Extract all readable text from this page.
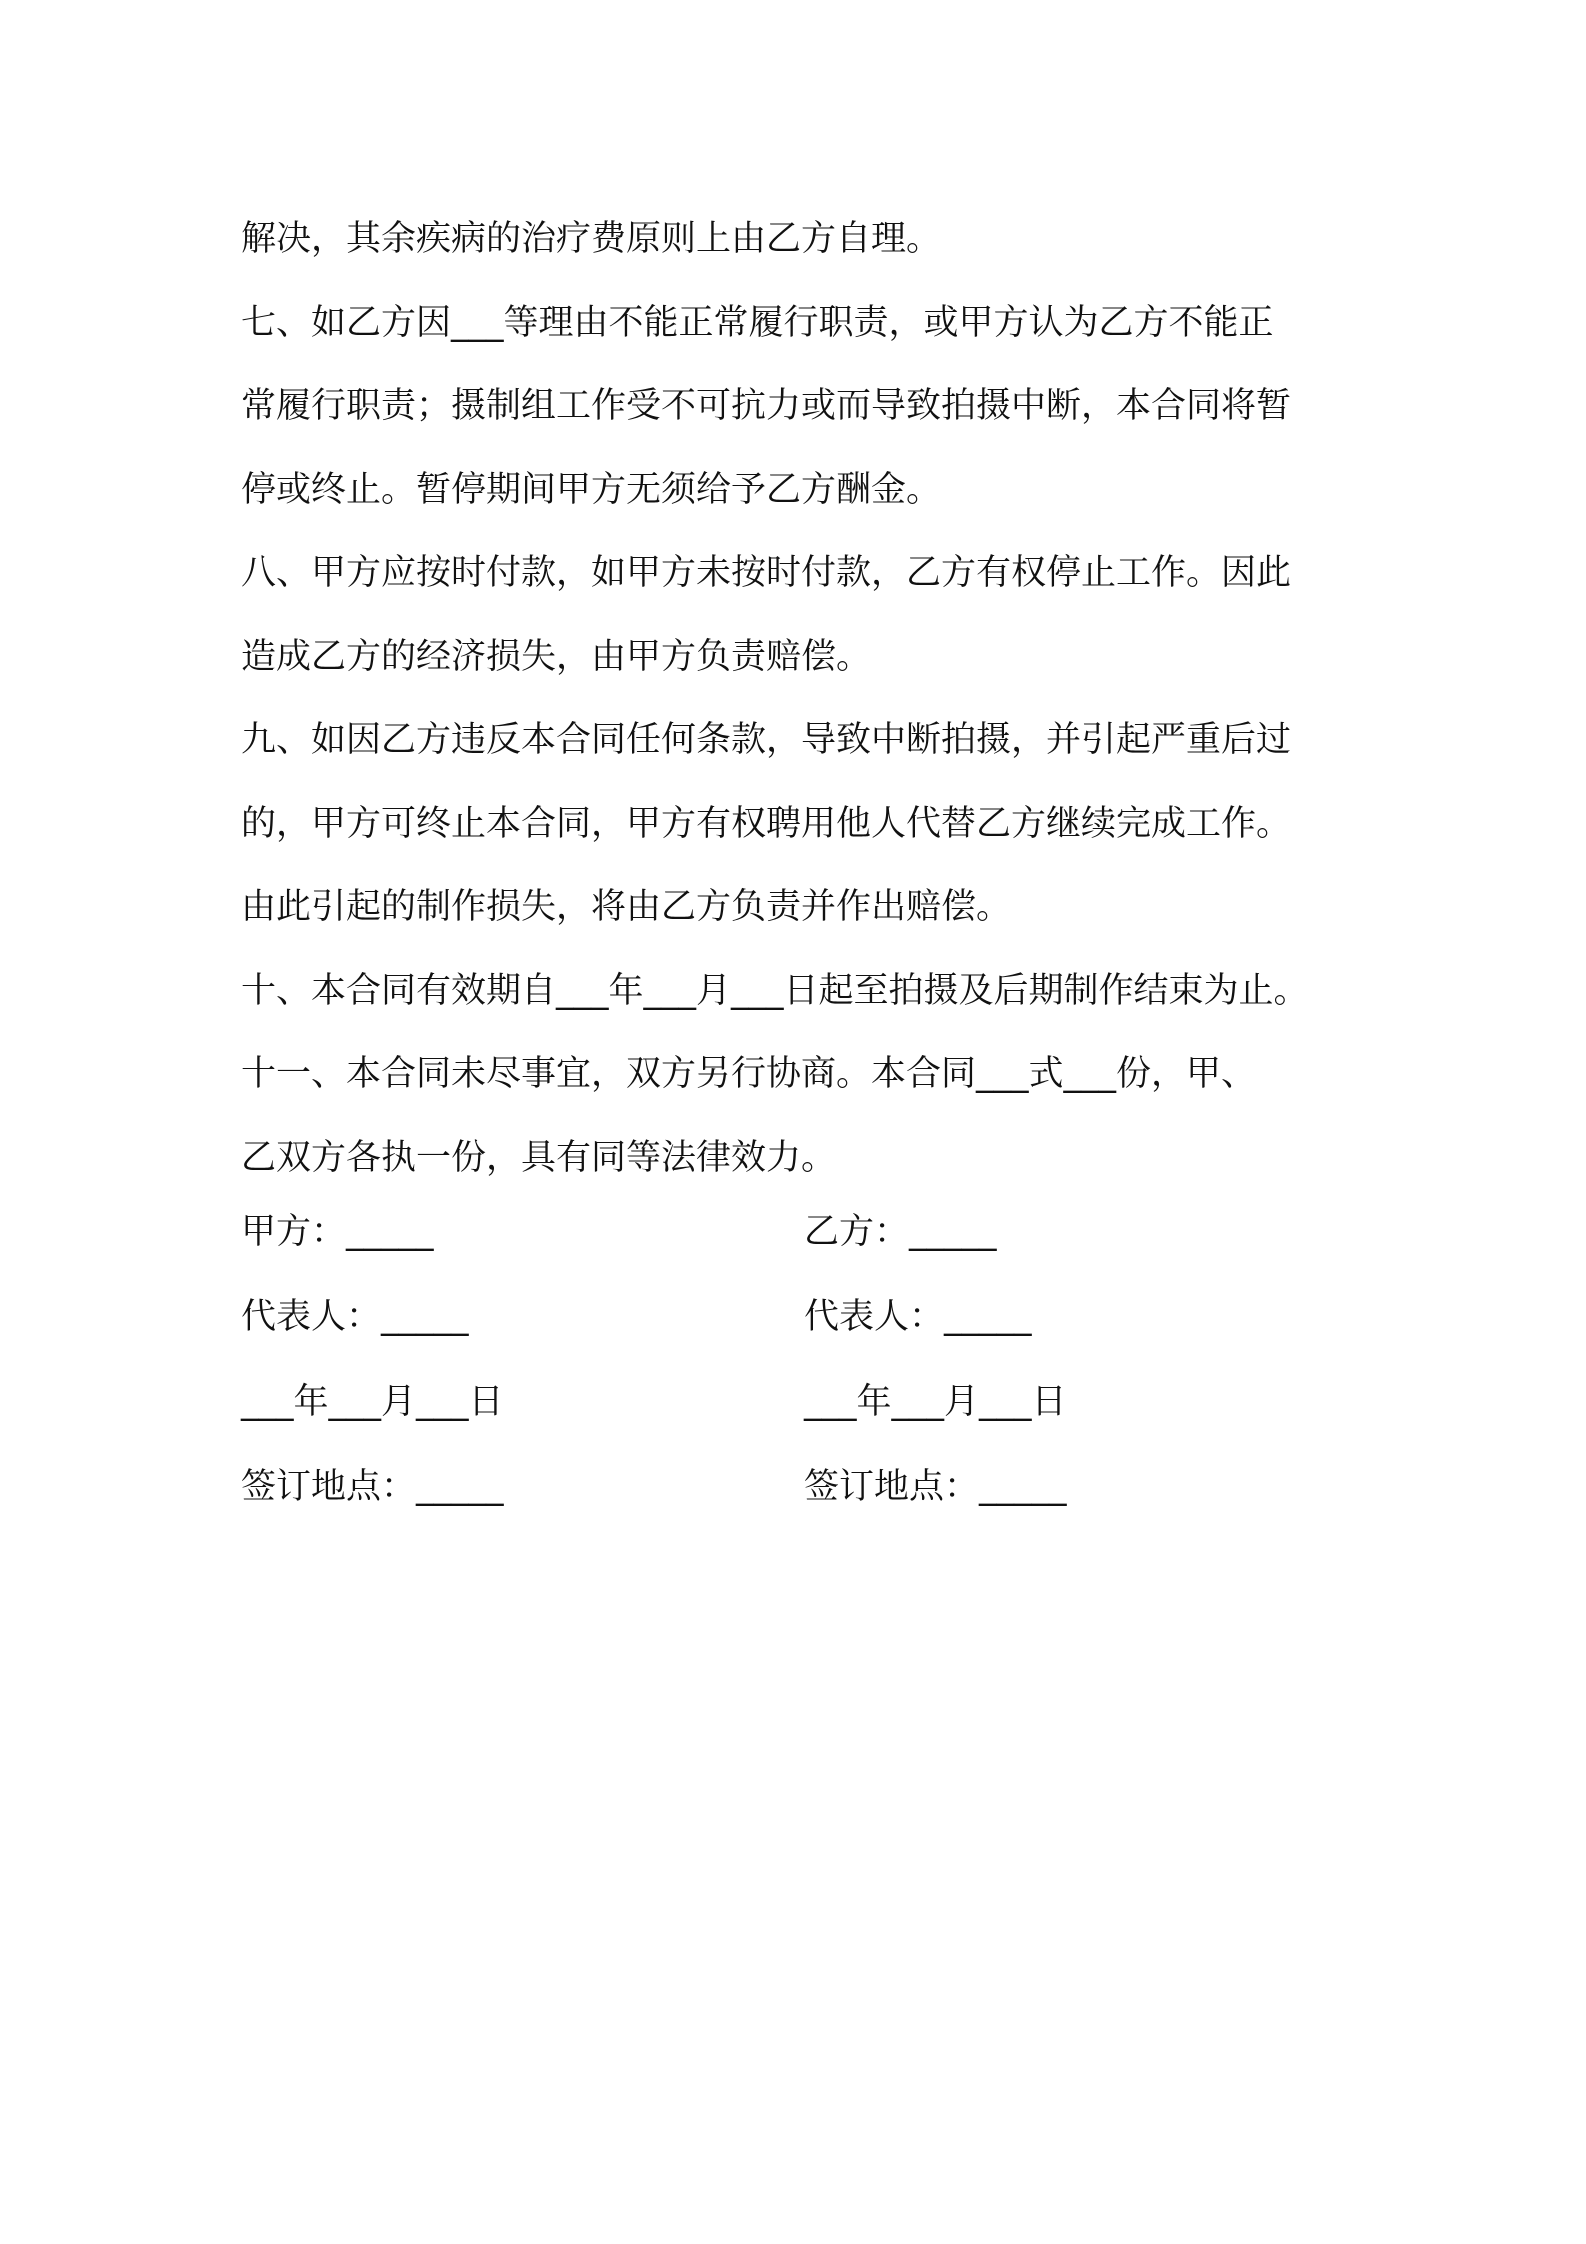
解决，其余疾病的治疗费原则上由乙方自理。
七、如乙方因___等理由不能正常履行职责，或甲方认为乙方不能正
常履行职责；摄制组工作受不可抗力或而导致拍摄中断，本合同将暂
停或终止。暂停期间甲方无须给予乙方酬金。
八、甲方应按时付款，如甲方未按时付款，乙方有权停止工作。因此
造成乙方的经济损失，由甲方负责赔偿。
九、如因乙方违反本合同任何条款，导致中断拍摄，并引起严重后过
的，甲方可终止本合同，甲方有权聘用他人代替乙方继续完成工作。
由此引起的制作损失，将由乙方负责并作出赔偿。
十、本合同有效期自___年___月___日起至拍摄及后期制作结束为止。
十一、本合同未尽事宜，双方另行协商。本合同___式___份，甲、
乙双方各执一份，具有同等法律效力。
甲方：_____	乙方：_____
代表人：_____	代表人：_____
___年___月___日	___年___月___日
签订地点：_____	签订地点：_____
